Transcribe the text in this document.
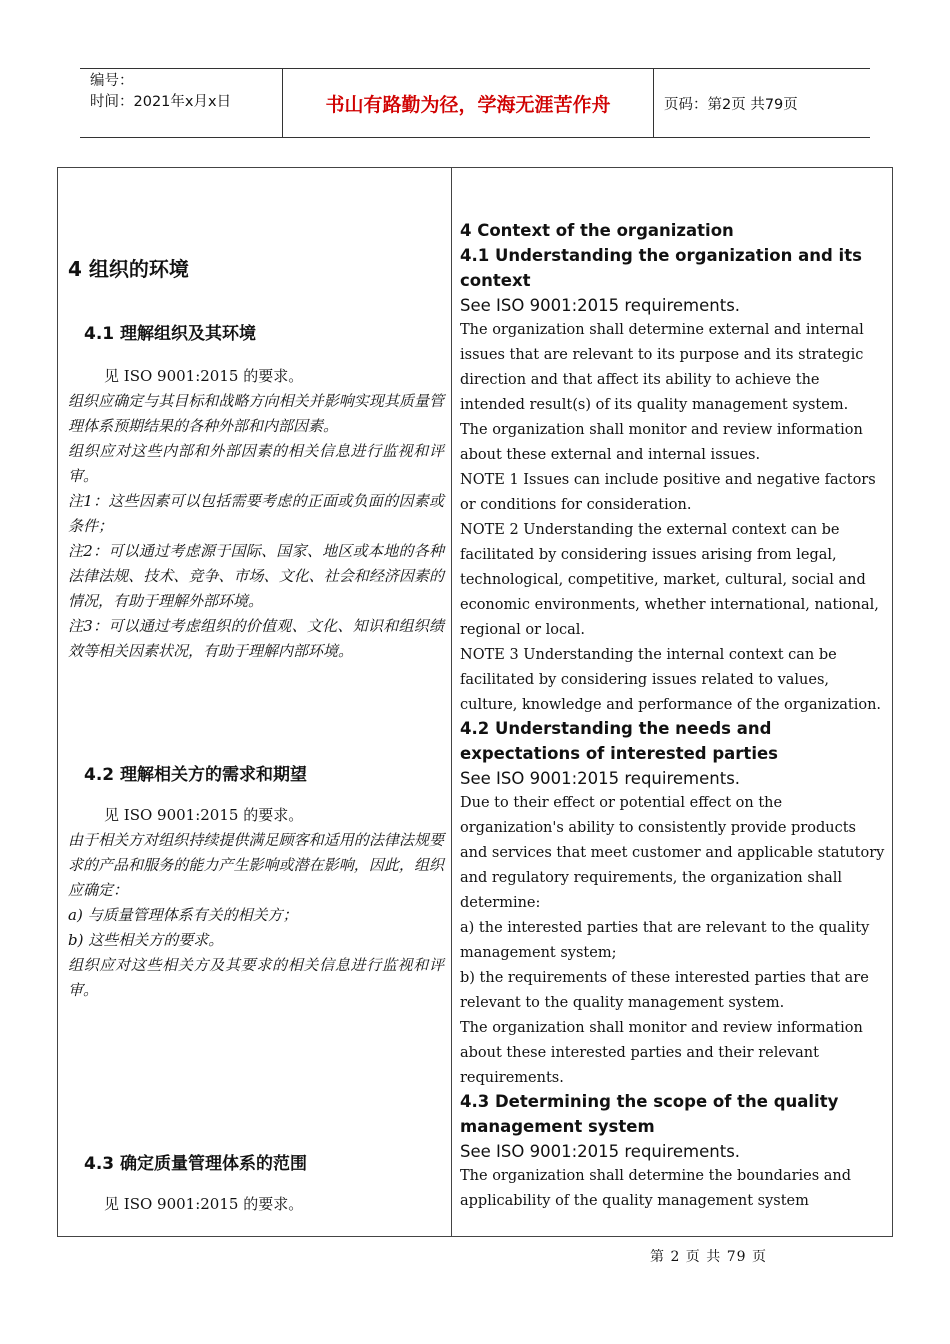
编号：
时间：2021年x月x日	书山有路勤为径，学海无涯苦作舟	页码：第2页 共79页
4 组织的环境
4.1 理解组织及其环境
见 ISO 9001:2015 的要求。

组织应确定与其目标和战略方向相关并影响实现其质量管理体系预期结果的各种外部和内部因素。

组织应对这些内部和外部因素的相关信息进行监视和评审。

注1：这些因素可以包括需要考虑的正面或负面的因素或条件；

注2：可以通过考虑源于国际、国家、地区或本地的各种法律法规、技术、竞争、市场、文化、社会和经济因素的情况，有助于理解外部环境。

注3：可以通过考虑组织的价值观、文化、知识和组织绩效等相关因素状况，有助于理解内部环境。

4.2 理解相关方的需求和期望
见 ISO 9001:2015 的要求。

由于相关方对组织持续提供满足顾客和适用的法律法规要求的产品和服务的能力产生影响或潜在影响，因此，组织应确定：

a) 与质量管理体系有关的相关方；

b) 这些相关方的要求。

组织应对这些相关方及其要求的相关信息进行监视和评审。

4.3 确定质量管理体系的范围
见 ISO 9001:2015 的要求。
4 Context of the organization
4.1 Understanding the organization and its context
See ISO 9001:2015 requirements.

The organization shall determine external and internal issues that are relevant to its purpose and its strategic direction and that affect its ability to achieve the intended result(s) of its quality management system.

The organization shall monitor and review information about these external and internal issues.

NOTE 1 Issues can include positive and negative factors or conditions for consideration.

NOTE 2 Understanding the external context can be facilitated by considering issues arising from legal, technological, competitive, market, cultural, social and economic environments, whether international, national, regional or local.

NOTE 3 Understanding the internal context can be facilitated by considering issues related to values, culture, knowledge and performance of the organization.

4.2 Understanding the needs and expectations of interested parties
See ISO 9001:2015 requirements.

Due to their effect or potential effect on the organization's ability to consistently provide products and services that meet customer and applicable statutory and regulatory requirements, the organization shall determine:

a) the interested parties that are relevant to the quality management system;

b) the requirements of these interested parties that are relevant to the quality management system.

The organization shall monitor and review information about these interested parties and their relevant requirements.

4.3 Determining the scope of the quality management system
See ISO 9001:2015 requirements.

The organization shall determine the boundaries and applicability of the quality management system

第 2 页 共 79 页
